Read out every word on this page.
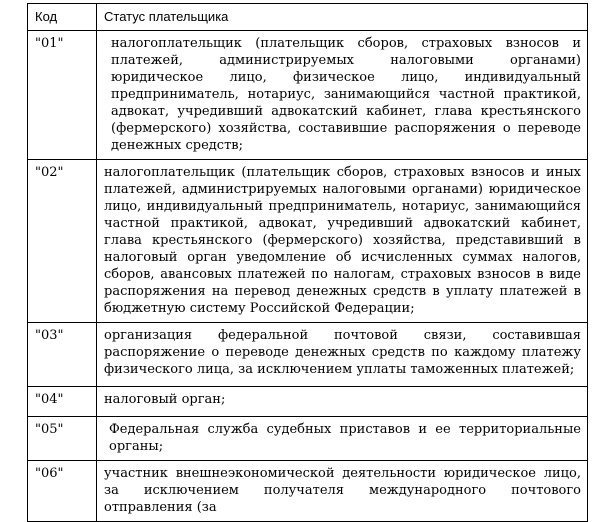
Код	Статус плательщика
"01"	налогоплательщик (плательщик сборов, страховых взносов и платежей, администрируемых налоговыми органами) юридическое лицо, физическое лицо, индивидуальный предприниматель, нотариус, занимающийся частной практикой, адвокат, учредивший адвокатский кабинет, глава крестьянского (фермерского) хозяйства, составившие распоряжения о переводе денежных средств;
"02"	налогоплательщик (плательщик сборов, страховых взносов и иных платежей, администрируемых налоговыми органами) юридическое лицо, индивидуальный предприниматель, нотариус, занимающийся частной практикой, адвокат, учредивший адвокатский кабинет, глава крестьянского (фермерского) хозяйства, представивший в налоговый орган уведомление об исчисленных суммах налогов, сборов, авансовых платежей по налогам, страховых взносов в виде распоряжения на перевод денежных средств в уплату платежей в бюджетную систему Российской Федерации;
"03"	организация федеральной почтовой связи, составившая распоряжение о переводе денежных средств по каждому платежу физического лица, за исключением уплаты таможенных платежей;
"04"	налоговый орган;
"05"	Федеральная служба судебных приставов и ее территориальные органы;
"06"	участник внешнеэкономической деятельности юридическое лицо, за исключением получателя международного почтового отправления (за
